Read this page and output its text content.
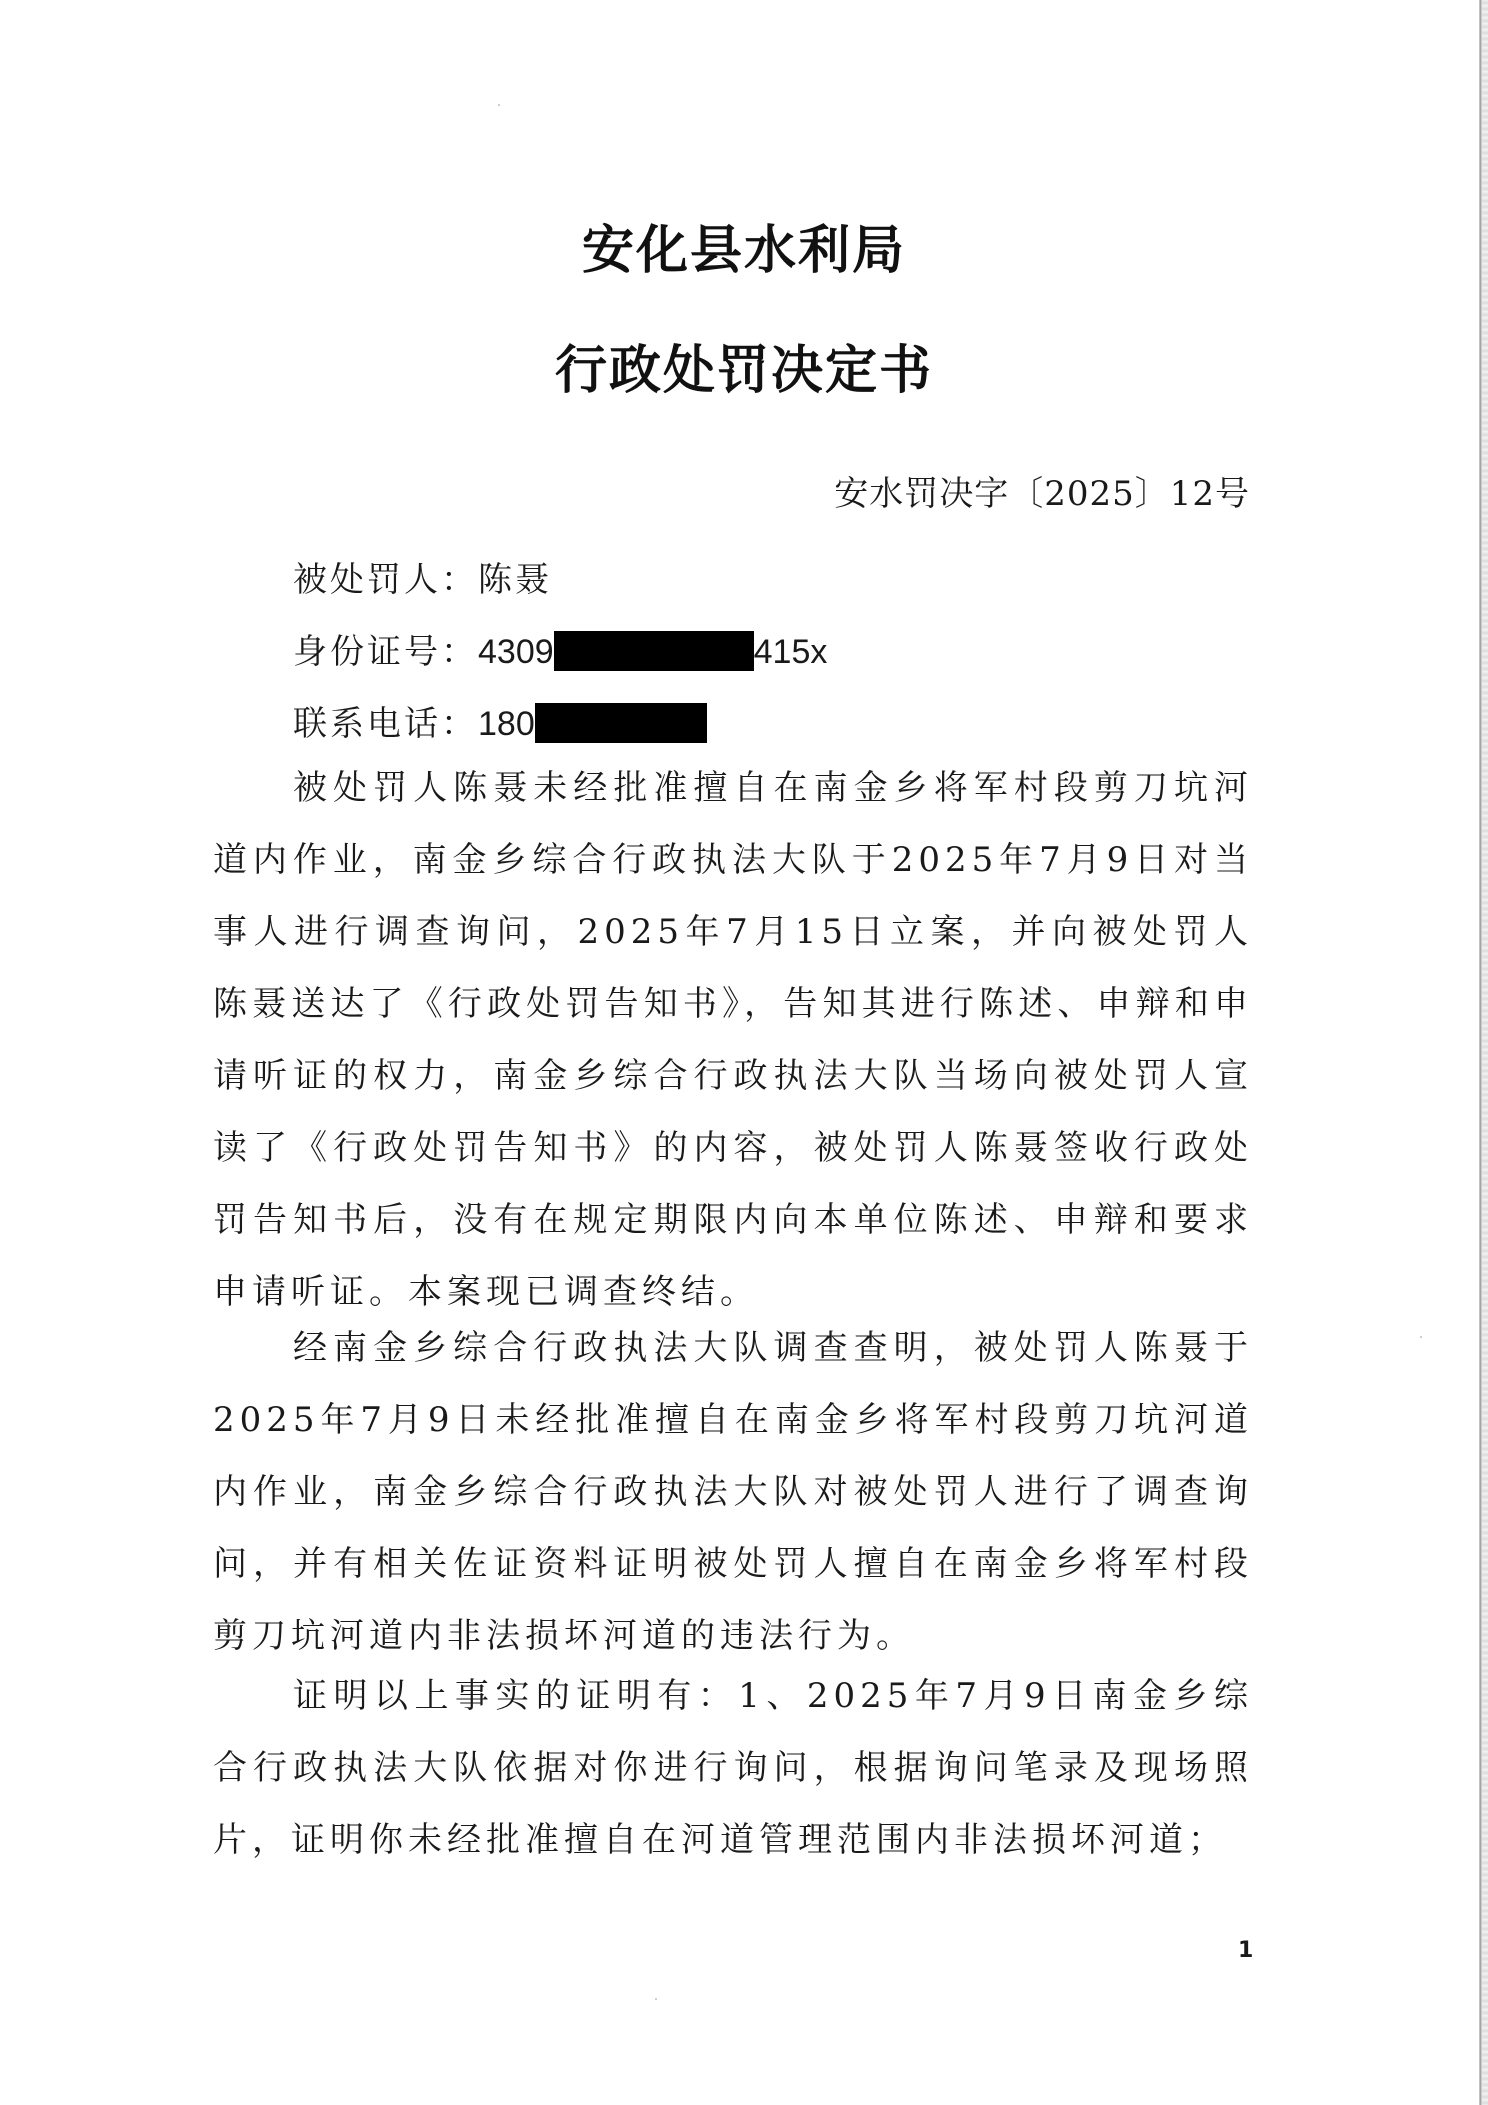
安化县水利局
行政处罚决定书
安水罚决字〔2025〕12号
被处罚人：陈聂
身份证号：4309	415x
联系电话：180

被处罚人陈聂未经批准擅自在南金乡将军村段剪刀坑河道内作业，南金乡综合行政执法大队于2025年7月9日对当事人进行调查询问，2025年7月15日立案，并向被处罚人陈聂送达了《行政处罚告知书》，告知其进行陈述、申辩和申请听证的权力，南金乡综合行政执法大队当场向被处罚人宣读了《行政处罚告知书》的内容，被处罚人陈聂签收行政处罚告知书后，没有在规定期限内向本单位陈述、申辩和要求申请听证。本案现已调查终结。

经南金乡综合行政执法大队调查查明，被处罚人陈聂于2025年7月9日未经批准擅自在南金乡将军村段剪刀坑河道内作业，南金乡综合行政执法大队对被处罚人进行了调查询问，并有相关佐证资料证明被处罚人擅自在南金乡将军村段剪刀坑河道内非法损坏河道的违法行为。

证明以上事实的证明有：1、2025年7月9日南金乡综合行政执法大队依据对你进行询问，根据询问笔录及现场照片，证明你未经批准擅自在河道管理范围内非法损坏河道；

1
